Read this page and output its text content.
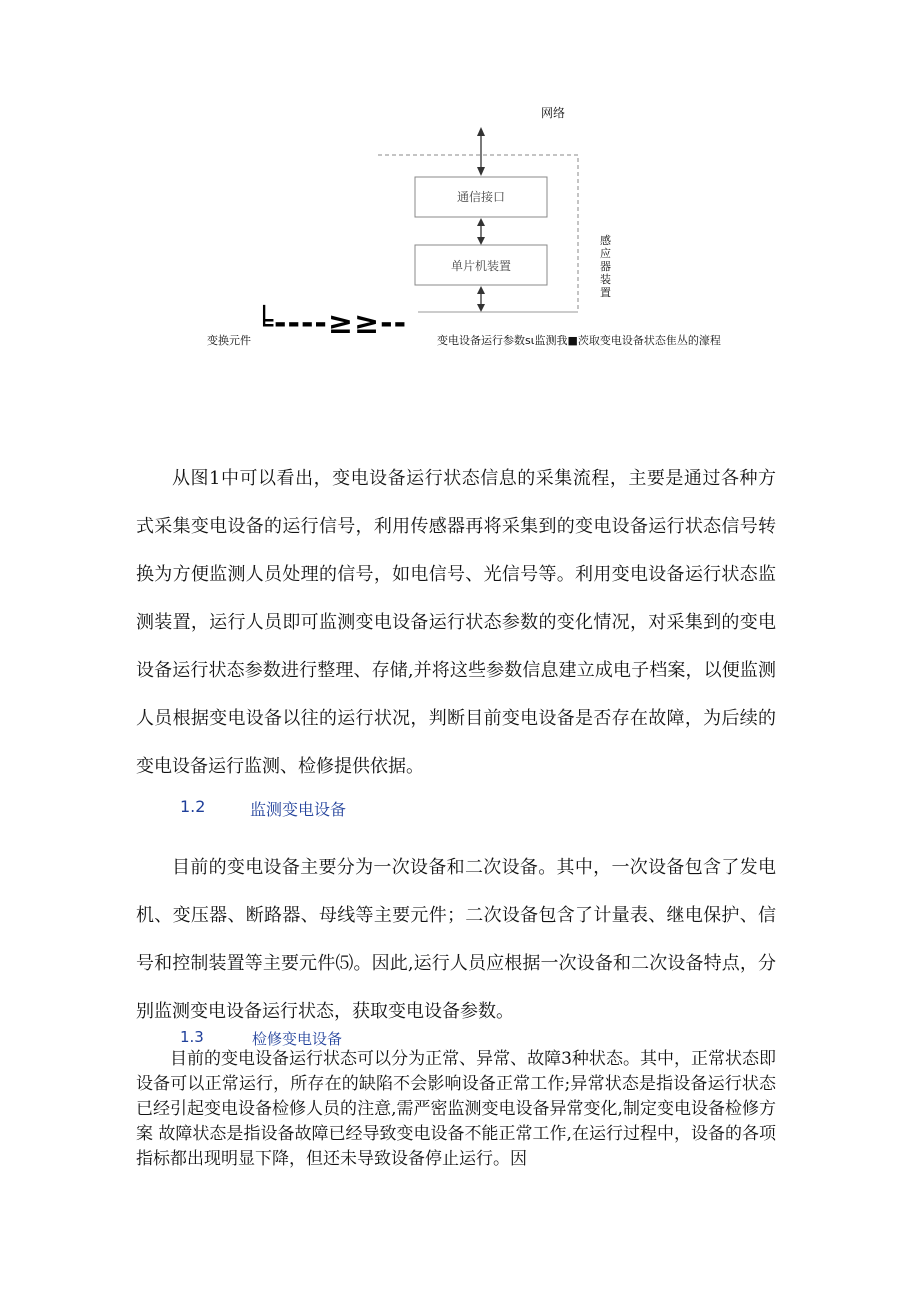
网络
通信接口
单片机装置
感应器装置
变换元件 ╘----≥≥--	变电设备运行参数sι监测我■茨取变电设备状态隹丛的濠程

从图1中可以看出，变电设备运行状态信息的采集流程，主要是通过各种方式采集变电设备的运行信号，利用传感器再将采集到的变电设备运行状态信号转换为方便监测人员处理的信号，如电信号、光信号等。利用变电设备运行状态监测装置，运行人员即可监测变电设备运行状态参数的变化情况，对采集到的变电设备运行状态参数进行整理、存储,并将这些参数信息建立成电子档案，以便监测人员根据变电设备以往的运行状况，判断目前变电设备是否存在故障，为后续的变电设备运行监测、检修提供依据。

1.2	监测变电设备

目前的变电设备主要分为一次设备和二次设备。其中，一次设备包含了发电机、变压器、断路器、母线等主要元件；二次设备包含了计量表、继电保护、信号和控制装置等主要元件⑸。因此,运行人员应根据一次设备和二次设备特点，分别监测变电设备运行状态，获取变电设备参数。

1.3	检修变电设备

目前的变电设备运行状态可以分为正常、异常、故障3种状态。其中，正常状态即设备可以正常运行，所存在的缺陷不会影响设备正常工作;异常状态是指设备运行状态已经引起变电设备检修人员的注意,需严密监测变电设备异常变化,制定变电设备检修方案 故障状态是指设备故障已经导致变电设备不能正常工作,在运行过程中，设备的各项指标都出现明显下降，但还未导致设备停止运行。因
